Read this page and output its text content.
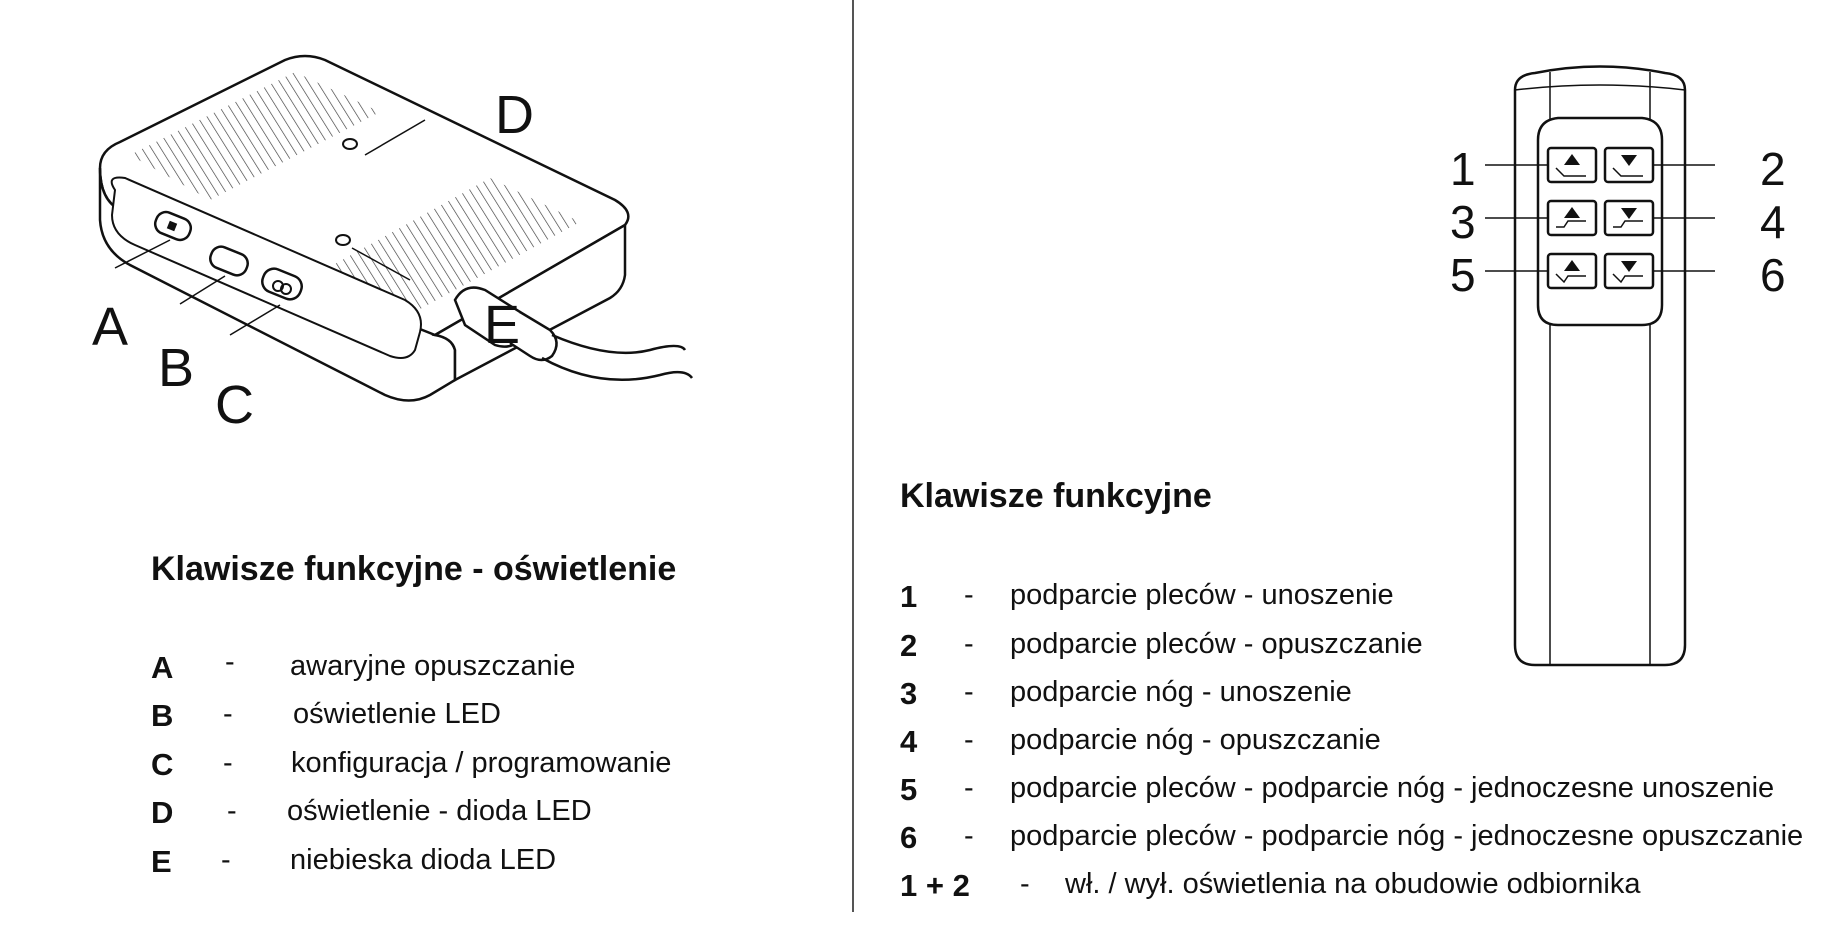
D
E
A
B
C
Klawisze funkcyjne - oświetlenie
A - awaryjne opuszczanie
B - oświetlenie LED
C - konfiguracja / programowanie
D - oświetlenie - dioda LED
E - niebieska dioda LED
1	2
3	4
5	6
Klawisze funkcyjne
1 - podparcie pleców - unoszenie
2 - podparcie pleców - opuszczanie
3 - podparcie nóg - unoszenie
4 - podparcie nóg - opuszczanie
5 - podparcie pleców - podparcie nóg - jednoczesne unoszenie
6 - podparcie pleców - podparcie nóg - jednoczesne opuszczanie
1 + 2 - wł. / wył. oświetlenia na obudowie odbiornika
